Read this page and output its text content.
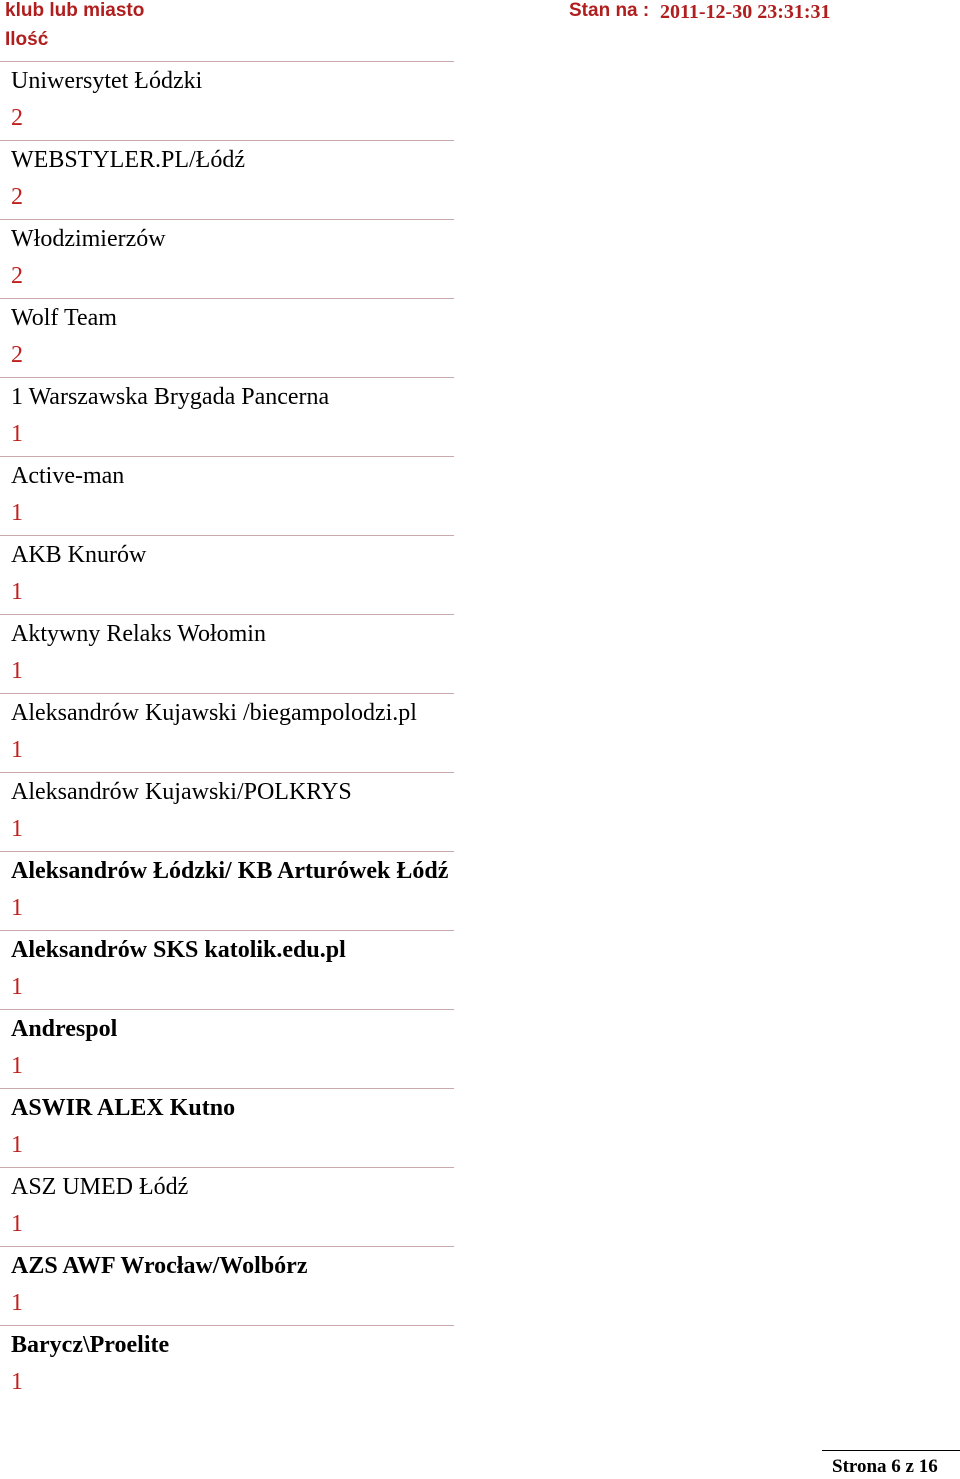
klub lub miasto
Ilość
Stan na : 2011-12-30 23:31:31
Uniwersytet Łódzki
2
WEBSTYLER.PL/Łódź
2
Włodzimierzów
2
Wolf Team
2
1 Warszawska Brygada Pancerna
1
Active-man
1
AKB Knurów
1
Aktywny Relaks Wołomin
1
Aleksandrów Kujawski /biegampolodzi.pl
1
Aleksandrów Kujawski/POLKRYS
1
Aleksandrów Łódzki/ KB Arturówek Łódź
1
Aleksandrów SKS katolik.edu.pl
1
Andrespol
1
ASWIR ALEX Kutno
1
ASZ UMED Łódź
1
AZS AWF Wrocław/Wolbórz
1
Barycz\Proelite
1
Strona 6 z 16
